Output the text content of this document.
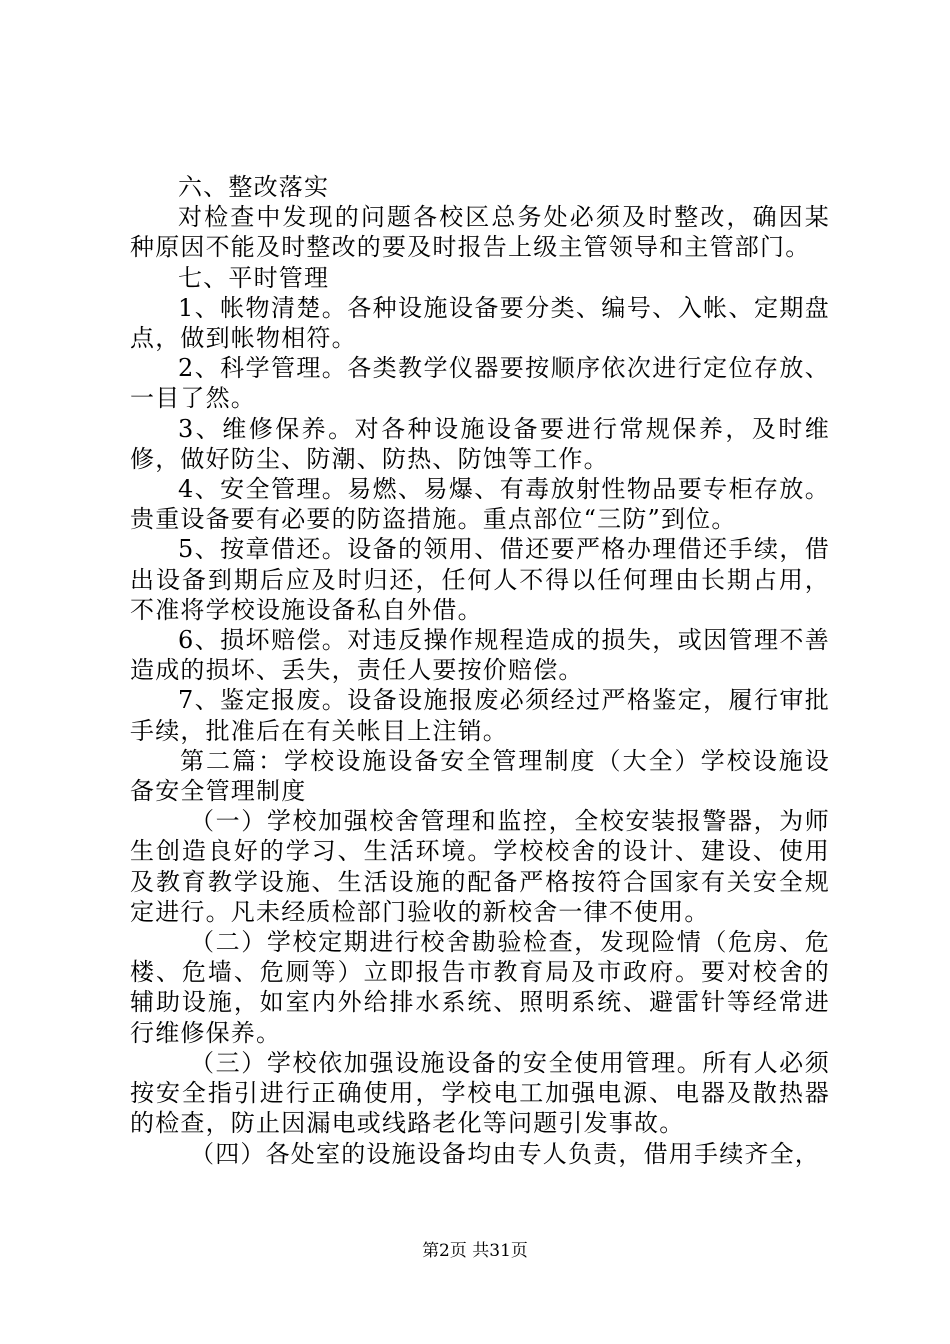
六、整改落实

对检查中发现的问题各校区总务处必须及时整改，确因某种原因不能及时整改的要及时报告上级主管领导和主管部门。

七、平时管理

1、帐物清楚。各种设施设备要分类、编号、入帐、定期盘点，做到帐物相符。

2、科学管理。各类教学仪器要按顺序依次进行定位存放、一目了然。

3、维修保养。对各种设施设备要进行常规保养，及时维修，做好防尘、防潮、防热、防蚀等工作。

4、安全管理。易燃、易爆、有毒放射性物品要专柜存放。贵重设备要有必要的防盗措施。重点部位“三防”到位。

5、按章借还。设备的领用、借还要严格办理借还手续，借出设备到期后应及时归还，任何人不得以任何理由长期占用，不准将学校设施设备私自外借。

6、损坏赔偿。对违反操作规程造成的损失，或因管理不善造成的损坏、丢失，责任人要按价赔偿。

7、鉴定报废。设备设施报废必须经过严格鉴定，履行审批手续，批准后在有关帐目上注销。

第二篇：学校设施设备安全管理制度（大全）学校设施设备安全管理制度

（一）学校加强校舍管理和监控，全校安装报警器，为师生创造良好的学习、生活环境。学校校舍的设计、建设、使用及教育教学设施、生活设施的配备严格按符合国家有关安全规定进行。凡未经质检部门验收的新校舍一律不使用。

（二）学校定期进行校舍勘验检查，发现险情（危房、危楼、危墙、危厕等）立即报告市教育局及市政府。要对校舍的辅助设施，如室内外给排水系统、照明系统、避雷针等经常进行维修保养。

（三）学校依加强设施设备的安全使用管理。所有人必须按安全指引进行正确使用，学校电工加强电源、电器及散热器的检查，防止因漏电或线路老化等问题引发事故。

（四）各处室的设施设备均由专人负责，借用手续齐全，

第2页 共31页
